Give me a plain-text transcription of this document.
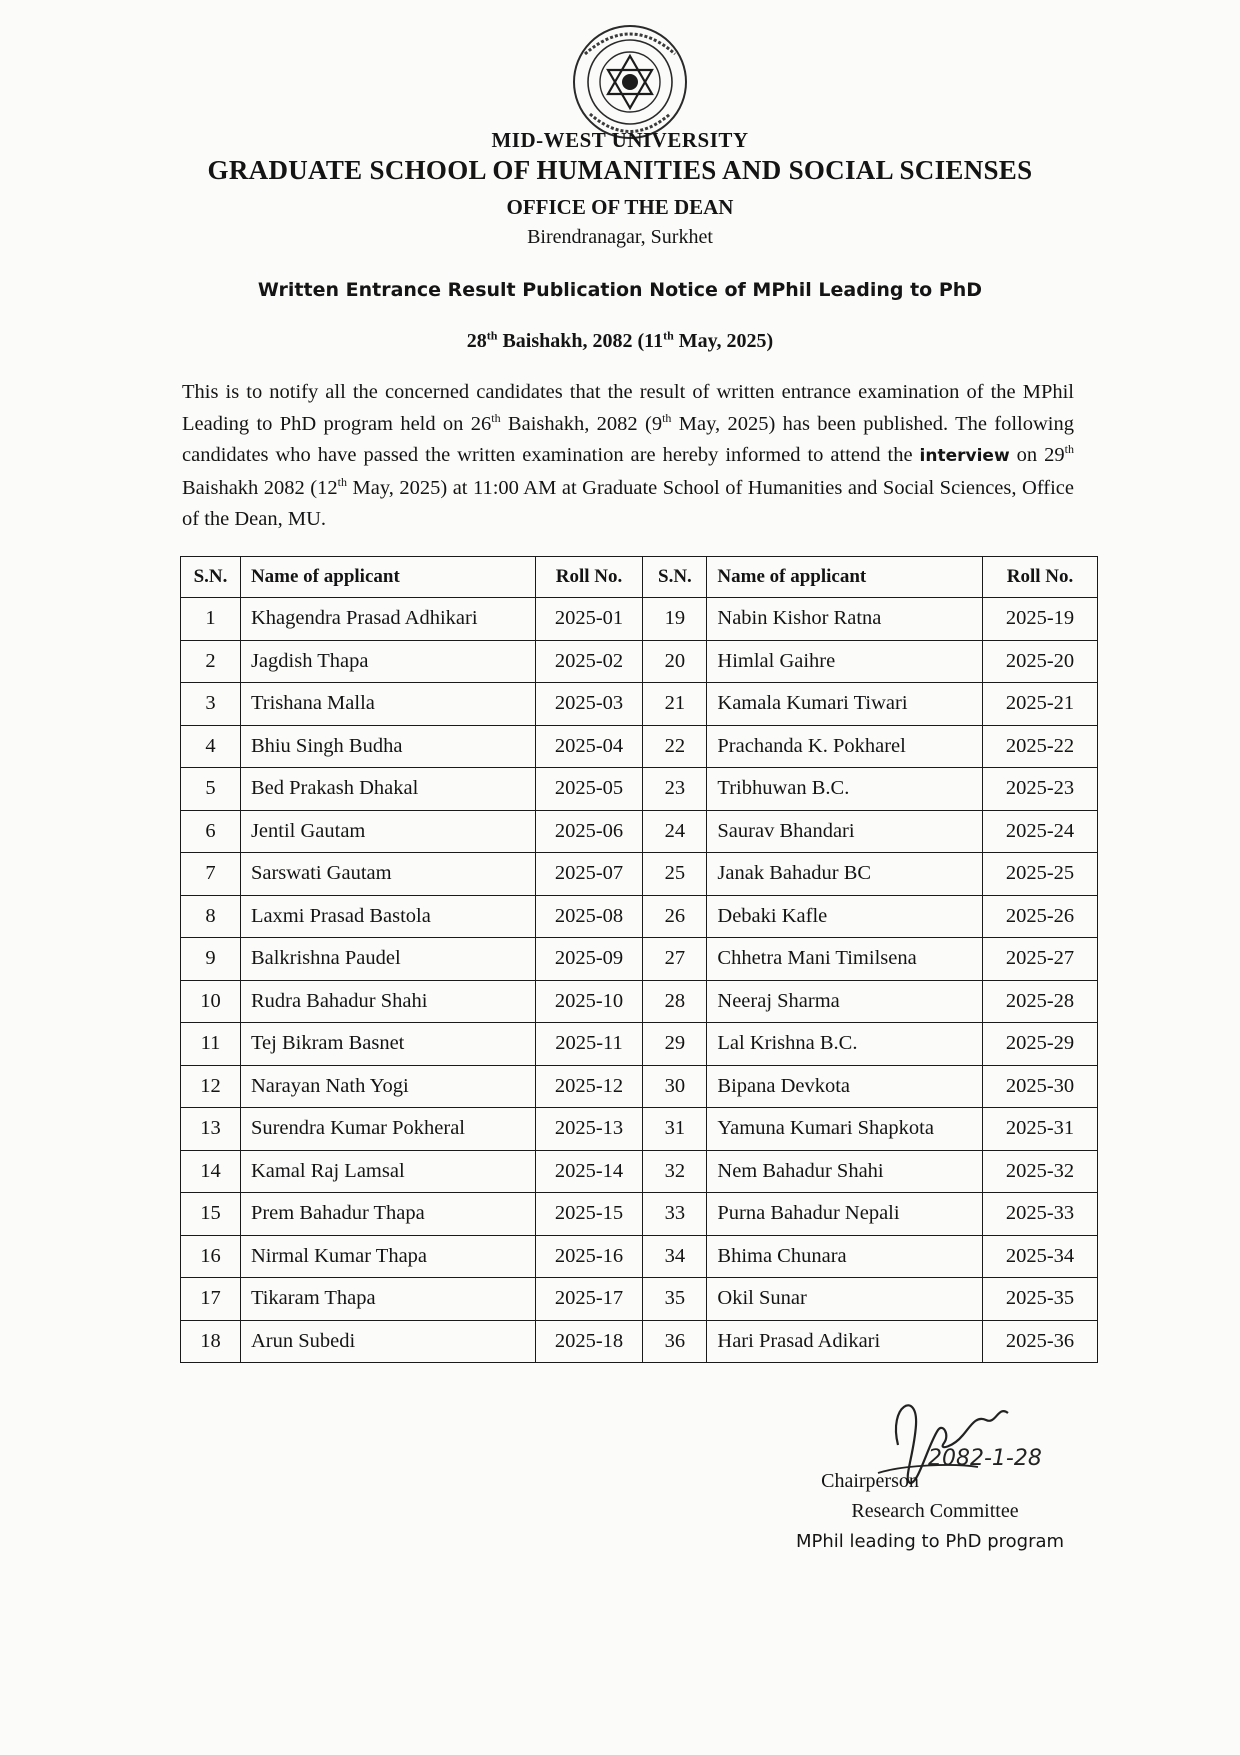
MID-WEST UNIVERSITY
GRADUATE SCHOOL OF HUMANITIES AND SOCIAL SCIENSES
OFFICE OF THE DEAN
Birendranagar, Surkhet
Written Entrance Result Publication Notice of MPhil Leading to PhD
28th Baishakh, 2082 (11th May, 2025)
This is to notify all the concerned candidates that the result of written entrance examination of the MPhil Leading to PhD program held on 26th Baishakh, 2082 (9th May, 2025) has been published. The following candidates who have passed the written examination are hereby informed to attend the interview on 29th Baishakh 2082 (12th May, 2025) at 11:00 AM at Graduate School of Humanities and Social Sciences, Office of the Dean, MU.
S.N.	Name of applicant	Roll No.	S.N.	Name of applicant	Roll No.
1	Khagendra Prasad Adhikari	2025-01	19	Nabin Kishor Ratna	2025-19
2	Jagdish Thapa	2025-02	20	Himlal Gaihre	2025-20
3	Trishana Malla	2025-03	21	Kamala Kumari Tiwari	2025-21
4	Bhiu Singh Budha	2025-04	22	Prachanda K. Pokharel	2025-22
5	Bed Prakash Dhakal	2025-05	23	Tribhuwan B.C.	2025-23
6	Jentil Gautam	2025-06	24	Saurav Bhandari	2025-24
7	Sarswati Gautam	2025-07	25	Janak Bahadur BC	2025-25
8	Laxmi Prasad Bastola	2025-08	26	Debaki Kafle	2025-26
9	Balkrishna Paudel	2025-09	27	Chhetra Mani Timilsena	2025-27
10	Rudra Bahadur Shahi	2025-10	28	Neeraj Sharma	2025-28
11	Tej Bikram Basnet	2025-11	29	Lal Krishna B.C.	2025-29
12	Narayan Nath Yogi	2025-12	30	Bipana Devkota	2025-30
13	Surendra Kumar Pokheral	2025-13	31	Yamuna Kumari Shapkota	2025-31
14	Kamal Raj Lamsal	2025-14	32	Nem Bahadur Shahi	2025-32
15	Prem Bahadur Thapa	2025-15	33	Purna Bahadur Nepali	2025-33
16	Nirmal Kumar Thapa	2025-16	34	Bhima Chunara	2025-34
17	Tikaram Thapa	2025-17	35	Okil Sunar	2025-35
18	Arun Subedi	2025-18	36	Hari Prasad Adikari	2025-36
2082-1-28
Chairperson
Research Committee
MPhil leading to PhD program
